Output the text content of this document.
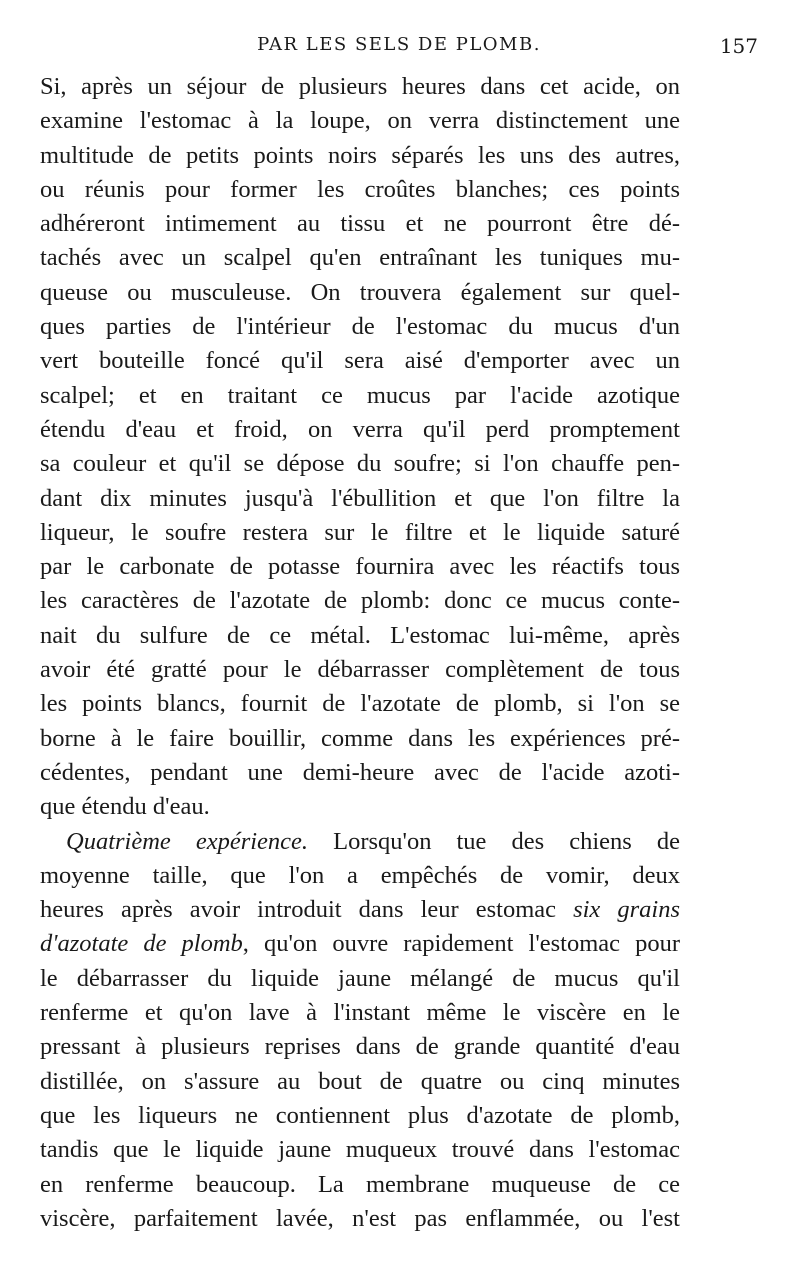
PAR LES SELS DE PLOMB.	157
Si, après un séjour de plusieurs heures dans cet acide, on
examine l'estomac à la loupe, on verra distinctement une
multitude de petits points noirs séparés les uns des autres,
ou réunis pour former les croûtes blanches; ces points
adhéreront intimement au tissu et ne pourront être dé-
tachés avec un scalpel qu'en entraînant les tuniques mu-
queuse ou musculeuse. On trouvera également sur quel-
ques parties de l'intérieur de l'estomac du mucus d'un
vert bouteille foncé qu'il sera aisé d'emporter avec un
scalpel; et en traitant ce mucus par l'acide azotique
étendu d'eau et froid, on verra qu'il perd promptement
sa couleur et qu'il se dépose du soufre; si l'on chauffe pen-
dant dix minutes jusqu'à l'ébullition et que l'on filtre la
liqueur, le soufre restera sur le filtre et le liquide saturé
par le carbonate de potasse fournira avec les réactifs tous
les caractères de l'azotate de plomb: donc ce mucus conte-
nait du sulfure de ce métal. L'estomac lui-même, après
avoir été gratté pour le débarrasser complètement de tous
les points blancs, fournit de l'azotate de plomb, si l'on se
borne à le faire bouillir, comme dans les expériences pré-
cédentes, pendant une demi-heure avec de l'acide azoti-
que étendu d'eau.
Quatrième expérience. Lorsqu'on tue des chiens de
moyenne taille, que l'on a empêchés de vomir, deux
heures après avoir introduit dans leur estomac six grains
d'azotate de plomb, qu'on ouvre rapidement l'estomac pour
le débarrasser du liquide jaune mélangé de mucus qu'il
renferme et qu'on lave à l'instant même le viscère en le
pressant à plusieurs reprises dans de grande quantité d'eau
distillée, on s'assure au bout de quatre ou cinq minutes
que les liqueurs ne contiennent plus d'azotate de plomb,
tandis que le liquide jaune muqueux trouvé dans l'estomac
en renferme beaucoup. La membrane muqueuse de ce
viscère, parfaitement lavée, n'est pas enflammée, ou l'est
